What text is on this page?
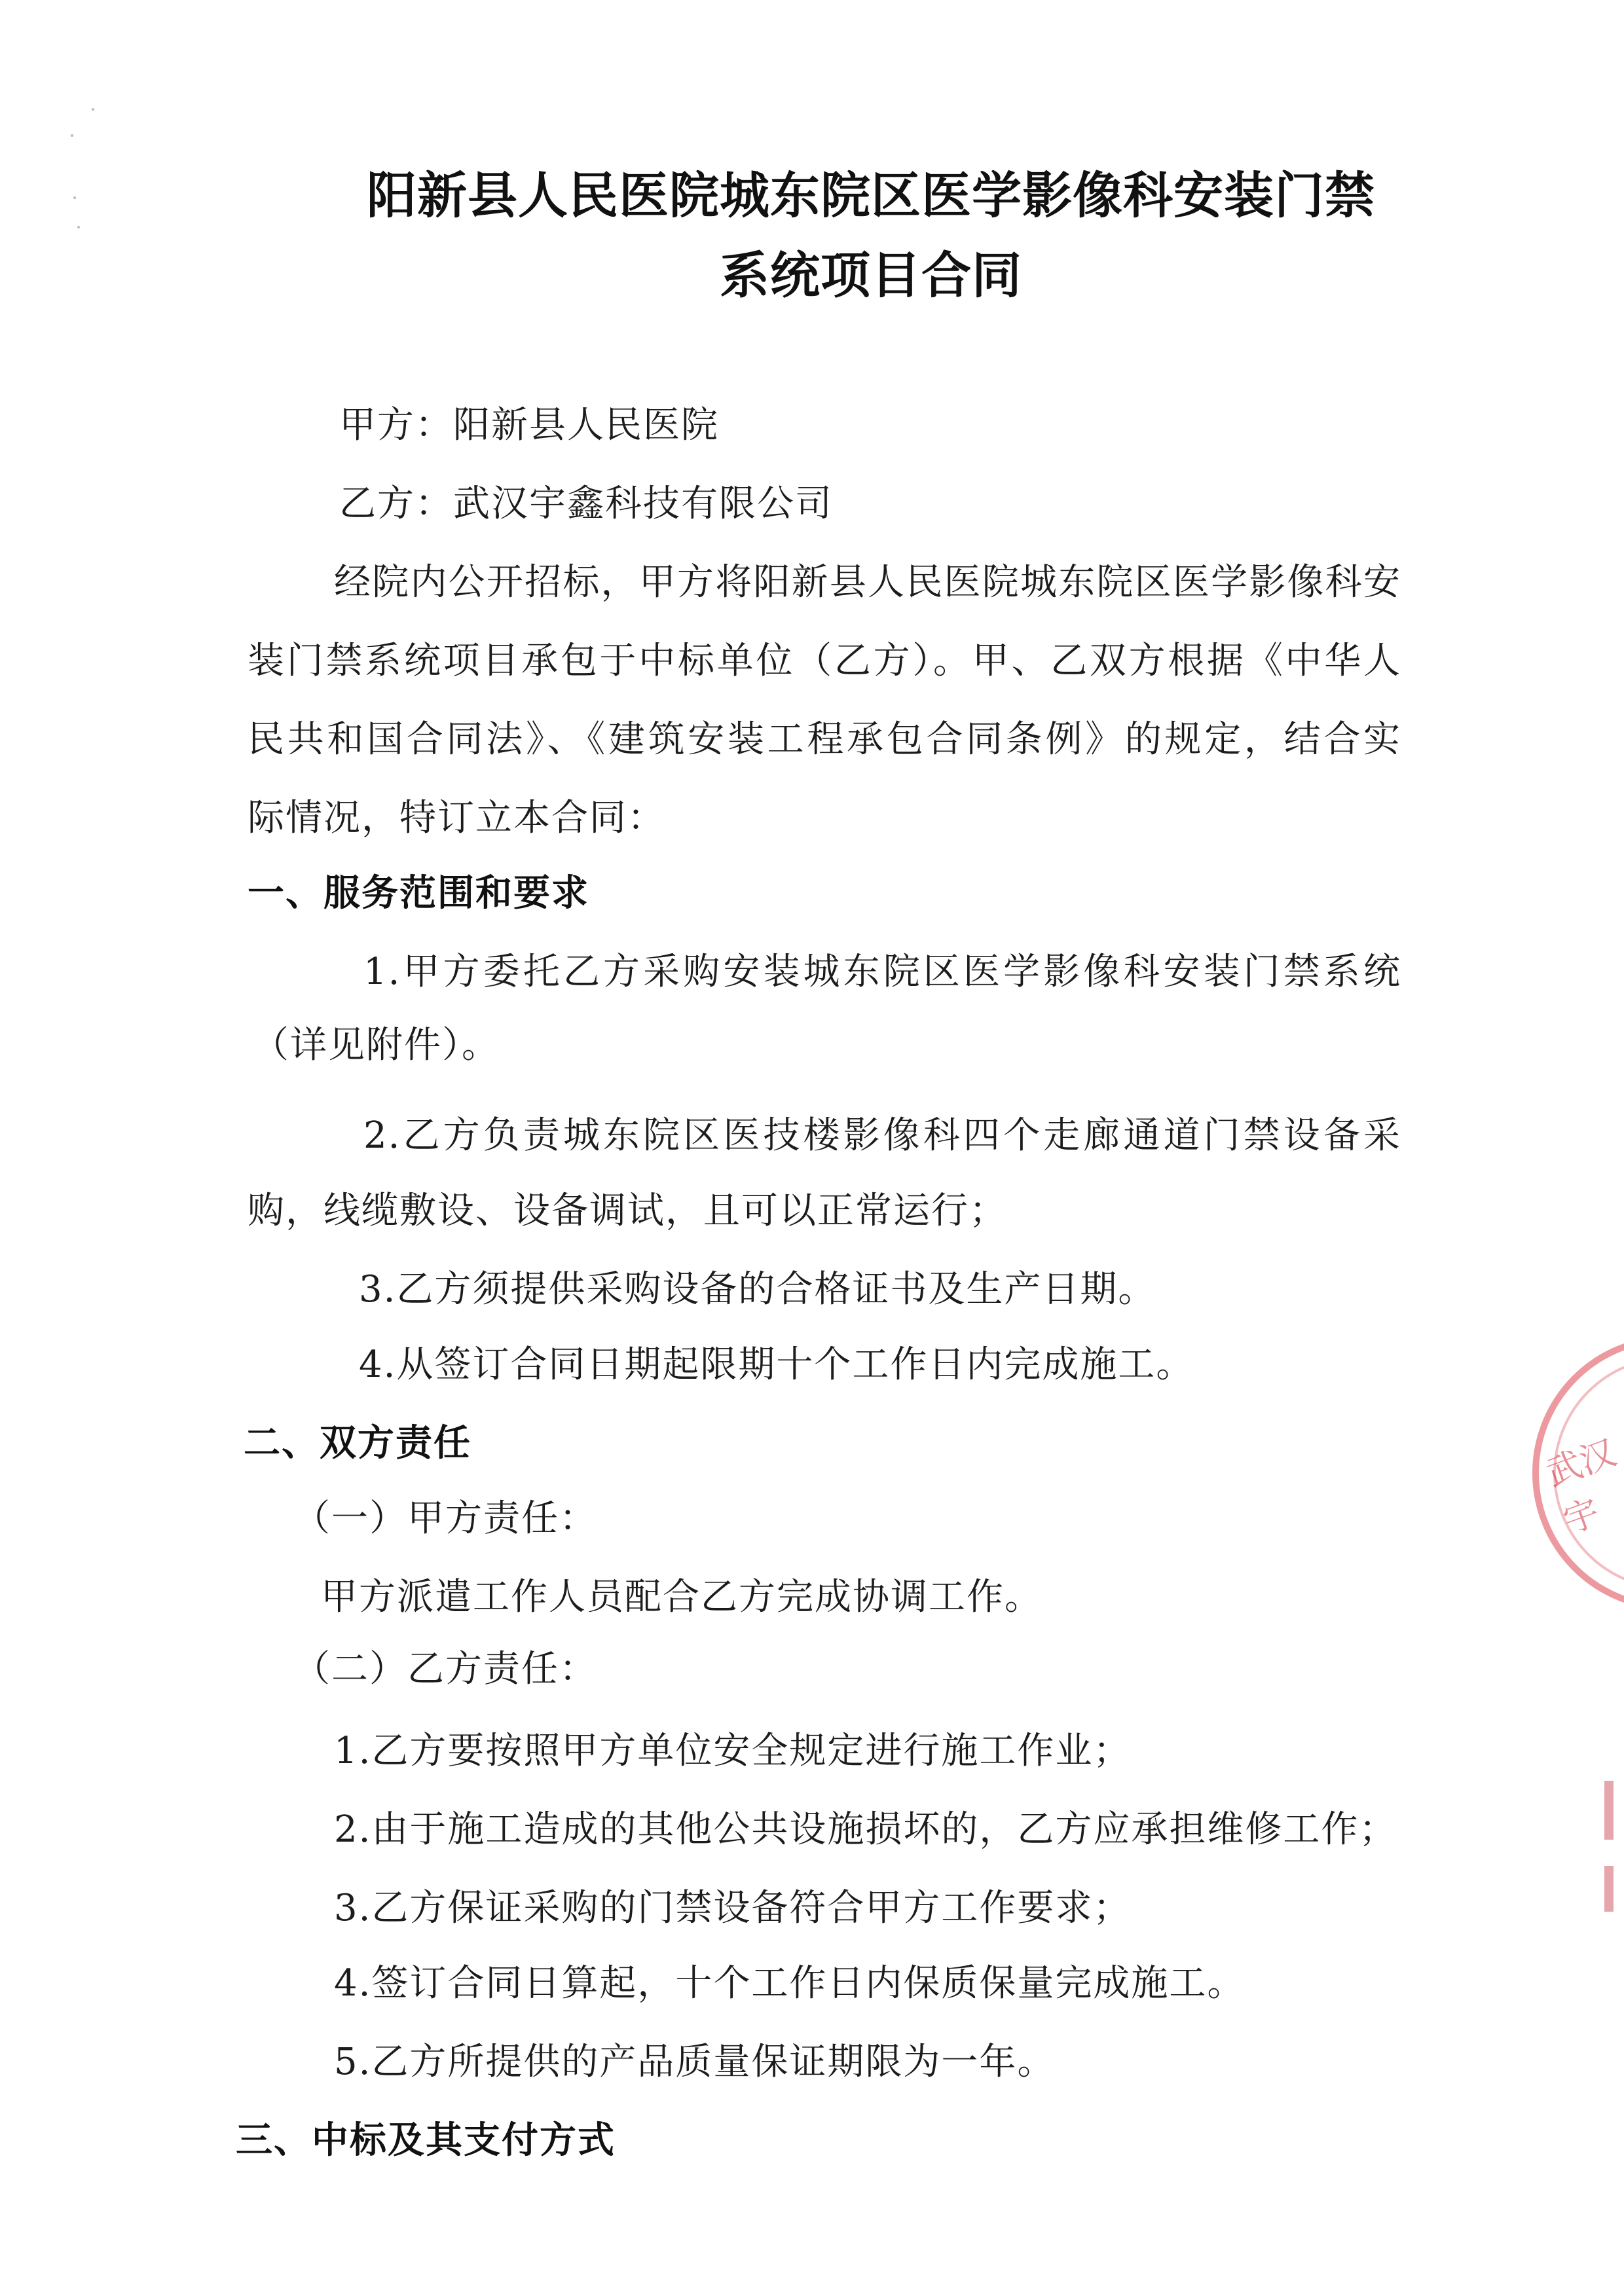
阳新县人民医院城东院区医学影像科安装门禁
系统项目合同
甲方：阳新县人民医院
乙方：武汉宇鑫科技有限公司
经院内公开招标，甲方将阳新县人民医院城东院区医学影像科安
装门禁系统项目承包于中标单位（乙方）。甲、乙双方根据《中华人
民共和国合同法》、《建筑安装工程承包合同条例》的规定，结合实
际情况，特订立本合同：
一、服务范围和要求
1.甲方委托乙方采购安装城东院区医学影像科安装门禁系统
（详见附件）。
2.乙方负责城东院区医技楼影像科四个走廊通道门禁设备采
购，线缆敷设、设备调试，且可以正常运行；
3.乙方须提供采购设备的合格证书及生产日期。
4.从签订合同日期起限期十个工作日内完成施工。
二、双方责任
（一）甲方责任：
甲方派遣工作人员配合乙方完成协调工作。
（二）乙方责任：
1.乙方要按照甲方单位安全规定进行施工作业；
2.由于施工造成的其他公共设施损坏的，乙方应承担维修工作；
3.乙方保证采购的门禁设备符合甲方工作要求；
4.签订合同日算起，十个工作日内保质保量完成施工。
5.乙方所提供的产品质量保证期限为一年。
三、中标及其支付方式
武汉宇
